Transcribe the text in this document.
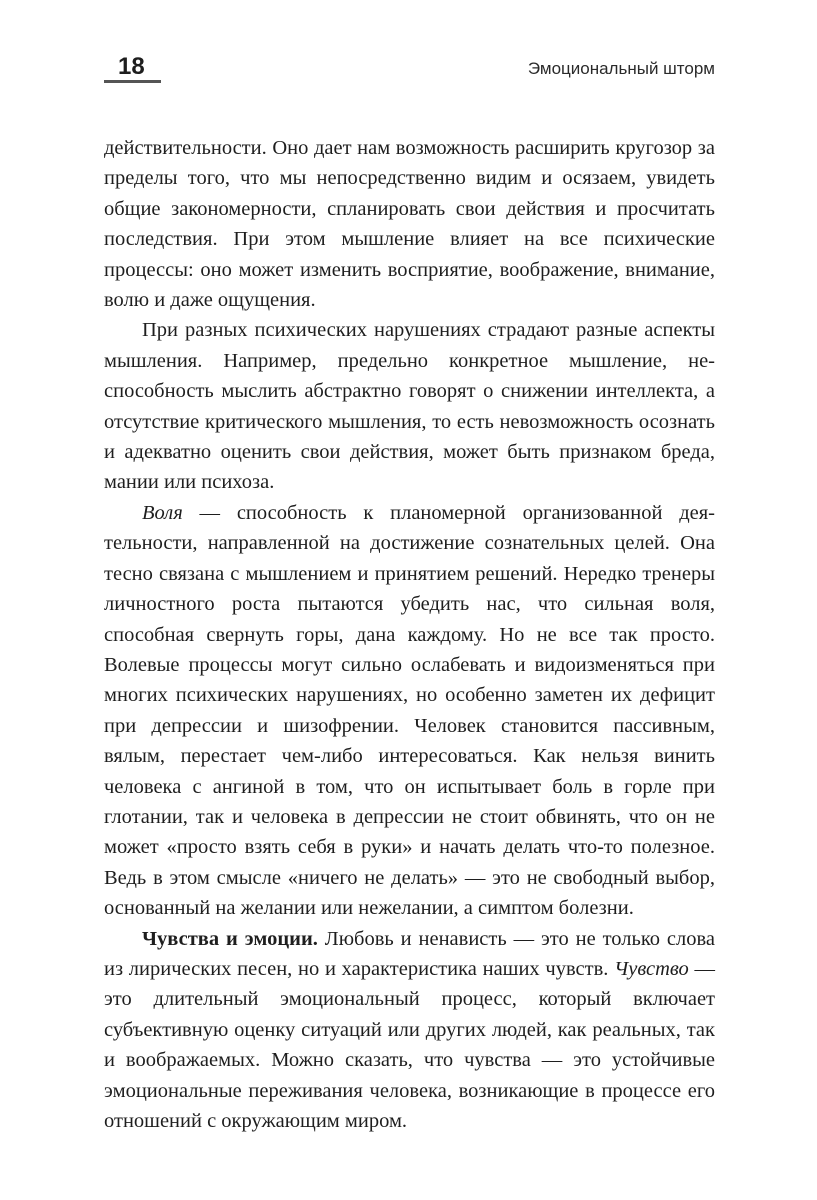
18	Эмоциональный шторм

действительности. Оно дает нам возможность расширить кругозор за пределы того, что мы непосредственно видим и осязаем, увидеть общие закономерности, спланировать свои действия и просчитать последствия. При этом мышление влияет на все психические процессы: оно может изменить восприятие, воображение, внимание, волю и даже ощущения.

При разных психических нарушениях страдают разные аспекты мышления. Например, предельно конкретное мышление, неспособность мыслить абстрактно говорят о снижении интеллекта, а отсутствие критического мышления, то есть невозможность осознать и адекватно оценить свои действия, может быть признаком бреда, мании или психоза.

Воля — способность к планомерной организованной деятельности, направленной на достижение сознательных целей. Она тесно связана с мышлением и принятием решений. Нередко тренеры личностного роста пытаются убедить нас, что сильная воля, способная свернуть горы, дана каждому. Но не все так просто. Волевые процессы могут сильно ослабевать и видоизменяться при многих психических нарушениях, но особенно заметен их дефицит при депрессии и шизофрении. Человек становится пассивным, вялым, перестает чем-либо интересоваться. Как нельзя винить человека с ангиной в том, что он испытывает боль в горле при глотании, так и человека в депрессии не стоит обвинять, что он не может «просто взять себя в руки» и начать делать что-то полезное. Ведь в этом смысле «ничего не делать» — это не свободный выбор, основанный на желании или нежелании, а симптом болезни.

Чувства и эмоции. Любовь и ненависть — это не только слова из лирических песен, но и характеристика наших чувств. Чувство — это длительный эмоциональный процесс, который включает субъективную оценку ситуаций или других людей, как реальных, так и воображаемых. Можно сказать, что чувства — это устойчивые эмоциональные переживания человека, возникающие в процессе его отношений с окружающим миром.
